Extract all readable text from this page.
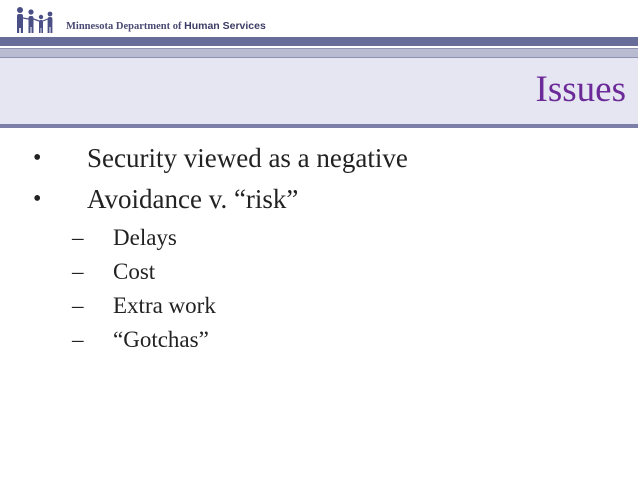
Minnesota Department of Human Services
Issues
• Security viewed as a negative
• Avoidance v. “risk”
– Delays
– Cost
– Extra work
– “Gotchas”
